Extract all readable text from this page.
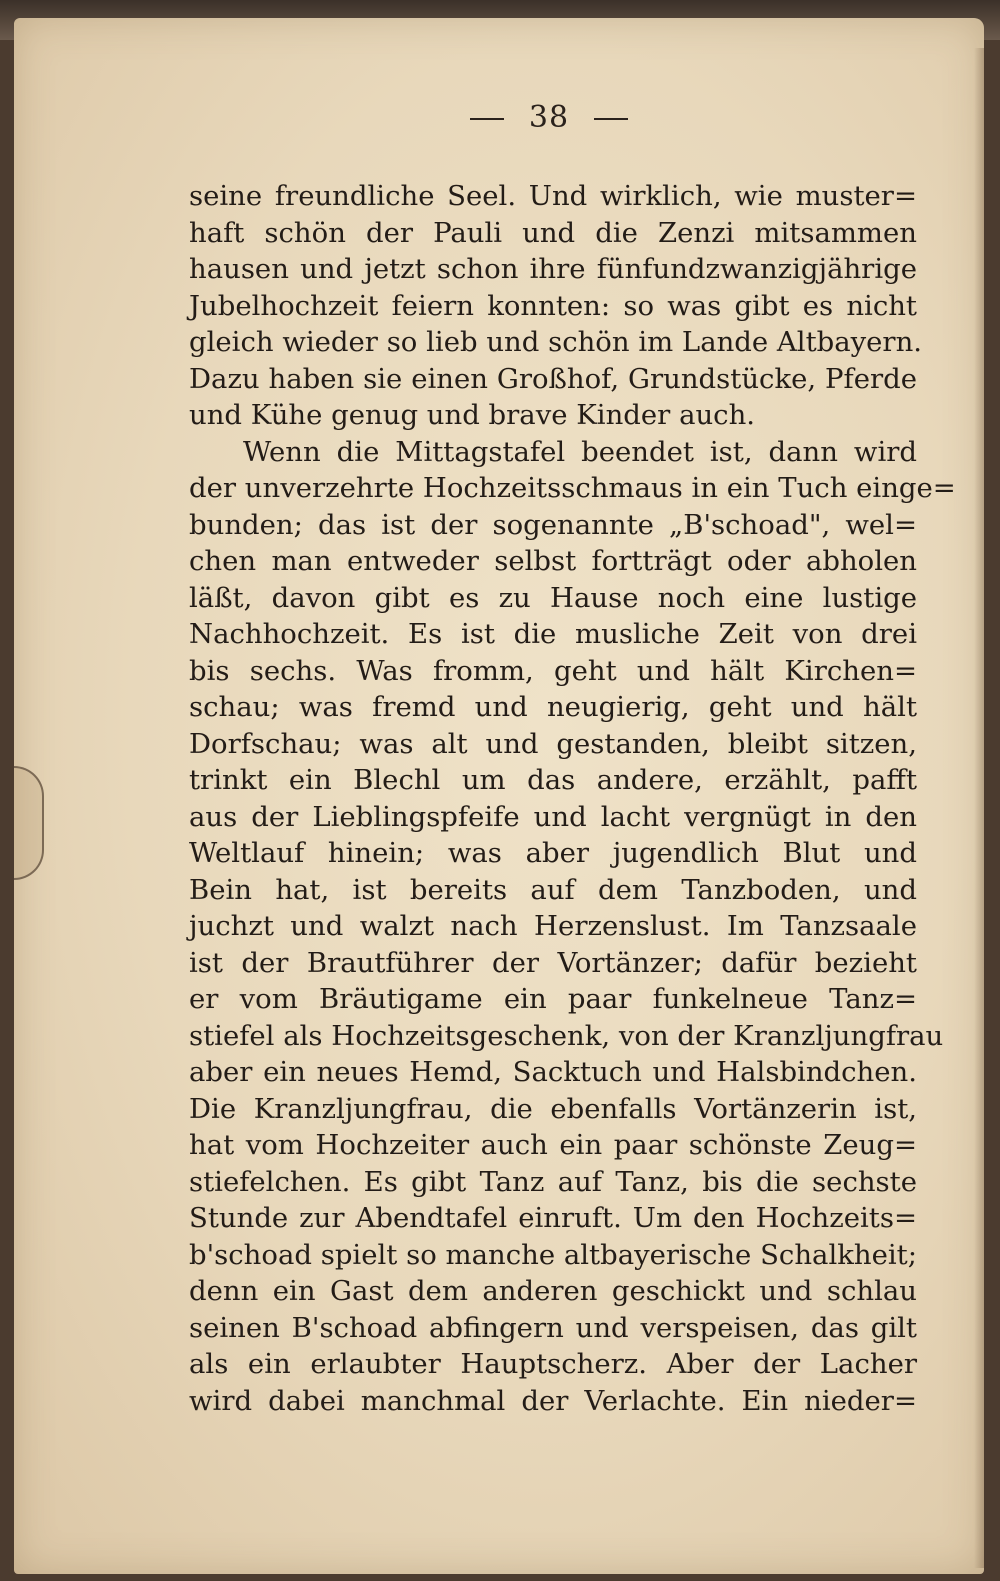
38
seine freundliche Seel. Und wirklich, wie muster=
haft schön der Pauli und die Zenzi mitsammen
hausen und jetzt schon ihre fünfundzwanzigjährige
Jubelhochzeit feiern konnten: so was gibt es nicht
gleich wieder so lieb und schön im Lande Altbayern.
Dazu haben sie einen Großhof, Grundstücke, Pferde
und Kühe genug und brave Kinder auch.
Wenn die Mittagstafel beendet ist, dann wird
der unverzehrte Hochzeitsschmaus in ein Tuch einge=
bunden; das ist der sogenannte „B'schoad", wel=
chen man entweder selbst fortträgt oder abholen
läßt, davon gibt es zu Hause noch eine lustige
Nachhochzeit. Es ist die musliche Zeit von drei
bis sechs. Was fromm, geht und hält Kirchen=
schau; was fremd und neugierig, geht und hält
Dorfschau; was alt und gestanden, bleibt sitzen,
trinkt ein Blechl um das andere, erzählt, pafft
aus der Lieblingspfeife und lacht vergnügt in den
Weltlauf hinein; was aber jugendlich Blut und
Bein hat, ist bereits auf dem Tanzboden, und
juchzt und walzt nach Herzenslust. Im Tanzsaale
ist der Brautführer der Vortänzer; dafür bezieht
er vom Bräutigame ein paar funkelneue Tanz=
stiefel als Hochzeitsgeschenk, von der Kranzljungfrau
aber ein neues Hemd, Sacktuch und Halsbindchen.
Die Kranzljungfrau, die ebenfalls Vortänzerin ist,
hat vom Hochzeiter auch ein paar schönste Zeug=
stiefelchen. Es gibt Tanz auf Tanz, bis die sechste
Stunde zur Abendtafel einruft. Um den Hochzeits=
b'schoad spielt so manche altbayerische Schalkheit;
denn ein Gast dem anderen geschickt und schlau
seinen B'schoad abfingern und verspeisen, das gilt
als ein erlaubter Hauptscherz. Aber der Lacher
wird dabei manchmal der Verlachte. Ein nieder=
